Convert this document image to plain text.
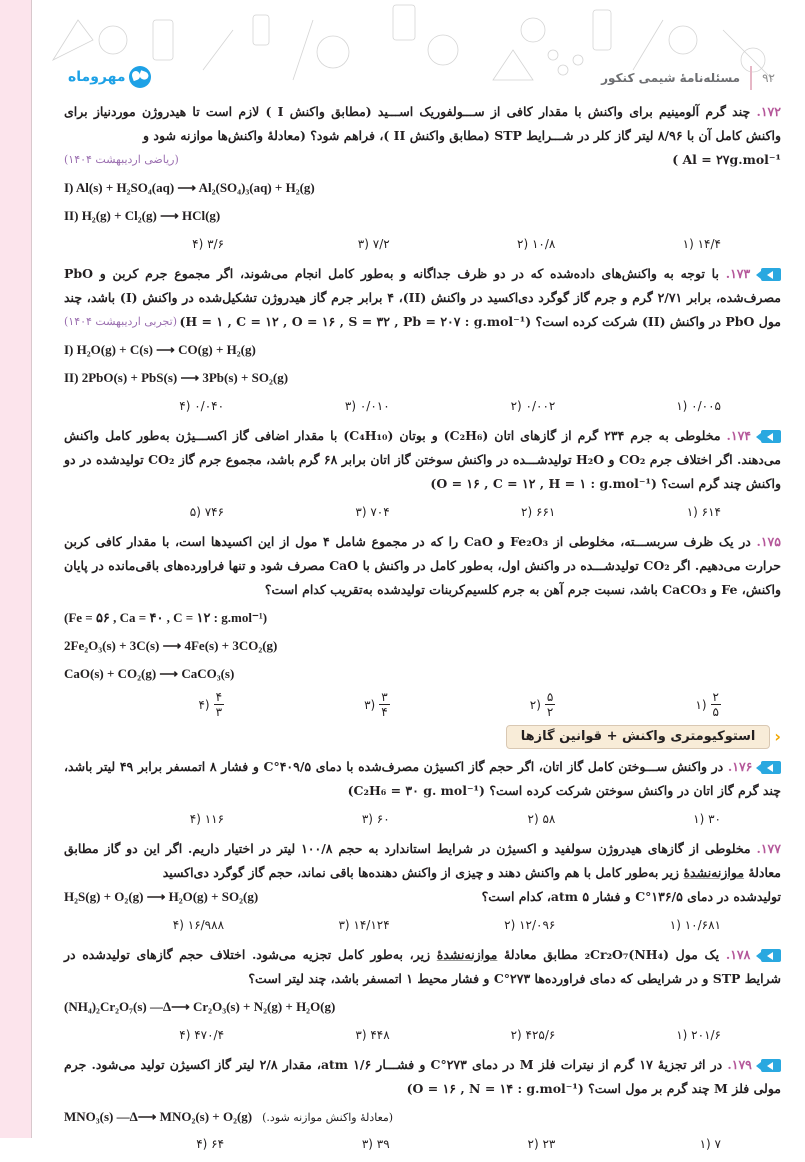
مهروماه	۹۲
مسئله‌نامهٔ شیمی کنکور
۱۷۲. چند گرم آلومینیم برای واکنش با مقدار کافی از ســـولفوریک اســـید (مطابق واکنش I ) لازم است تا هیدروژن موردنیاز برای واکنش کامل آن با ۸/۹۶ لیتر گاز کلر در شـــرایط STP (مطابق واکنش II )، فراهم شود؟ (معادلهٔ واکنش‌ها موازنه شود و
( Al = ۲۷g.mol⁻¹
(ریاضی اردیبهشت ۱۴۰۴)
I) Al(s) + H₂SO₄(aq) ⟶ Al₂(SO₄)₃(aq) + H₂(g)
II) H₂(g) + Cl₂(g) ⟶ HCl(g)
۱۴/۴ (۱
۱۰/۸ (۲
۷/۲ (۳
۳/۶ (۴
۱۷۳. با توجه به واکنش‌های داده‌شده که در دو ظرف جداگانه و به‌طور کامل انجام می‌شوند، اگر مجموع جرم کربن و PbO مصرف‌شده، برابر ۲/۷۱ گرم و جرم گاز گوگرد دی‌اکسید در واکنش (II)، ۴ برابر جرم گاز هیدروژن تشکیل‌شده در واکنش (I) باشد، چند مول PbO در واکنش (II) شرکت کرده است؟ (H = ۱ , C = ۱۲ , O = ۱۶ , S = ۳۲ , Pb = ۲۰۷ : g.mol⁻¹)
(تجربی اردیبهشت ۱۴۰۴)
I) H₂O(g) + C(s) ⟶ CO(g) + H₂(g)
II) 2PbO(s) + PbS(s) ⟶ 3Pb(s) + SO₂(g)
۰/۰۰۵ (۱
۰/۰۰۲ (۲
۰/۰۱۰ (۳
۰/۰۴۰ (۴
۱۷۴. مخلوطی به جرم ۲۳۴ گرم از گازهای اتان (C₂H₆) و بوتان (C₄H₁₀) با مقدار اضافی گاز اکســـیژن به‌طور کامل واکنش می‌دهند. اگر اختلاف جرم CO₂ و H₂O تولیدشـــده در واکنش سوختن گاز اتان برابر ۶۸ گرم باشد، مجموع جرم گاز CO₂ تولیدشده در دو واکنش چند گرم است؟ (O = ۱۶ , C = ۱۲ , H = ۱ : g.mol⁻¹)
۶۱۴ (۱
۶۶۱ (۲
۷۰۴ (۳
۷۴۶ (۵
۱۷۵. در یک ظرف سربســـته، مخلوطی از Fe₂O₃ و CaO را که در مجموع شامل ۴ مول از این اکسیدها است، با مقدار کافی کربن حرارت می‌دهیم. اگر CO₂ تولیدشـــده در واکنش اول، به‌طور کامل در واکنش با CaO مصرف شود و تنها فراورده‌های باقی‌مانده در پایان واکنش، Fe و CaCO₃ باشد، نسبت جرم آهن به جرم کلسیم‌کربنات تولیدشده به‌تقریب کدام است؟
(Fe = ۵۶ , Ca = ۴۰ , C = ۱۲ : g.mol⁻¹)
2Fe₂O₃(s) + 3C(s) ⟶ 4Fe(s) + 3CO₂(g)
CaO(s) + CO₂(g) ⟶ CaCO₃(s)
$\frac{۲}{۵}$
(۱
$\frac{۵}{۲}$
(۲
$\frac{۳}{۴}$
(۳
$\frac{۴}{۳}$
(۴
‹
استوکیومتری واکنش + قوانین گازها
۱۷۶. در واکنش ســـوختن کامل گاز اتان، اگر حجم گاز اکسیژن مصرف‌شده با دمای ۴۰۹/۵°C و فشار ۸ اتمسفر برابر ۴۹ لیتر باشد، چند گرم گاز اتان در واکنش سوختن شرکت کرده است؟ (C₂H₆ = ۳۰ g. mol⁻¹)
۳۰ (۱
۵۸ (۲
۶۰ (۳
۱۱۶ (۴
۱۷۷. مخلوطی از گازهای هیدروژن سولفید و اکسیژن در شرایط استاندارد به حجم ۱۰۰/۸ لیتر در اختیار داریم. اگر این دو گاز مطابق معادلهٔ موازنه‌نشدهٔ زیر به‌طور کامل با هم واکنش دهند و چیزی از واکنش دهنده‌ها باقی نماند، حجم گاز گوگرد دی‌اکسید
تولیدشده در دمای ۱۳۶/۵°C و فشار ۵ atm، کدام است؟
H₂S(g) + O₂(g) ⟶ H₂O(g) + SO₂(g)
۱۰/۶۸۱ (۱
۱۲/۰۹۶ (۲
۱۴/۱۲۴ (۳
۱۶/۹۸۸ (۴
۱۷۸. یک مول (NH₄)₂Cr₂O₇ مطابق معادلهٔ موازنه‌نشدهٔ زیر، به‌طور کامل تجزیه می‌شود. اختلاف حجم گازهای تولیدشده در شرایط STP و در شرایطی که دمای فراورده‌ها ۲۷۳°C و فشار محیط ۱ اتمسفر باشد، چند لیتر است؟
(NH₄)₂Cr₂O₇(s) —Δ⟶ Cr₂O₃(s) + N₂(g) + H₂O(g)
۲۰۱/۶ (۱
۴۲۵/۶ (۲
۴۴۸ (۳
۴۷۰/۴ (۴
۱۷۹. در اثر تجزیهٔ ۱۷ گرم از نیترات فلز M در دمای ۲۷۳°C و فشـــار ۱/۶ atm، مقدار ۲/۸ لیتر گاز اکسیژن تولید می‌شود. جرم مولی فلز M چند گرم بر مول است؟ (O = ۱۶ , N = ۱۴ : g.mol⁻¹)
(معادلهٔ واکنش موازنه شود.)
MNO₃(s) —Δ⟶ MNO₂(s) + O₂(g)
۷ (۱
۲۳ (۲
۳۹ (۳
۶۴ (۴
